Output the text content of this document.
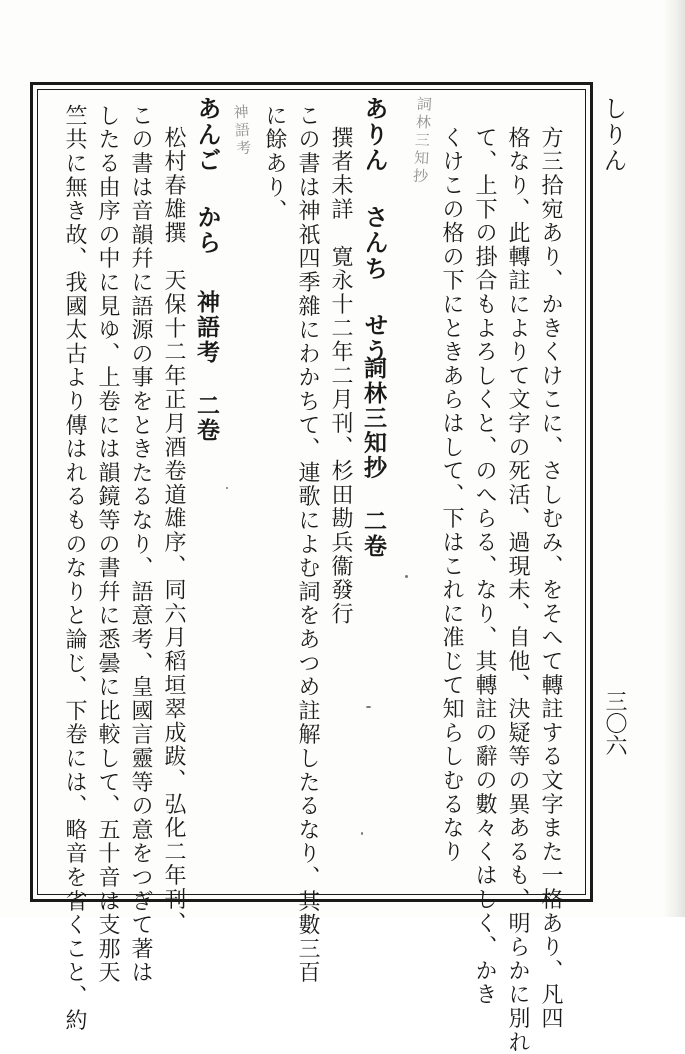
しりん
三〇六
方三拾宛あり、かきくけこに、さしむみ、をそへて轉註する文字また一格あり、凡四
格なり、此轉註によりて文字の死活、過現未、自他、決疑等の異あるも、明らかに別れ
て、上下の掛合もよろしくと、のへらる、なり、其轉註の辭の數々くはしく、かき
くけこの格の下にときあらはして、下はこれに准じて知らしむるなり
ありん さんち せう
詞林三知抄 二卷
撰者未詳　寛永十二年二月刊、杉田勘兵衞發行
この書は神祇四季雜にわかちて、連歌によむ詞をあつめ註解したるなり、其數三百
に餘あり、
あんご から
神語考 二卷
松村春雄撰　天保十二年正月酒卷道雄序、同六月稻垣翠成跋、弘化二年刊、
この書は音韻幷に語源の事をときたるなり、語意考、皇國言靈等の意をつぎて著は
したる由序の中に見ゆ、上卷には韻鏡等の書幷に悉曇に比較して、五十音は支那天
竺共に無き故、我國太古より傳はれるものなりと論じ、下卷には、略音を省くこと、約	詞林三知抄
神語考
